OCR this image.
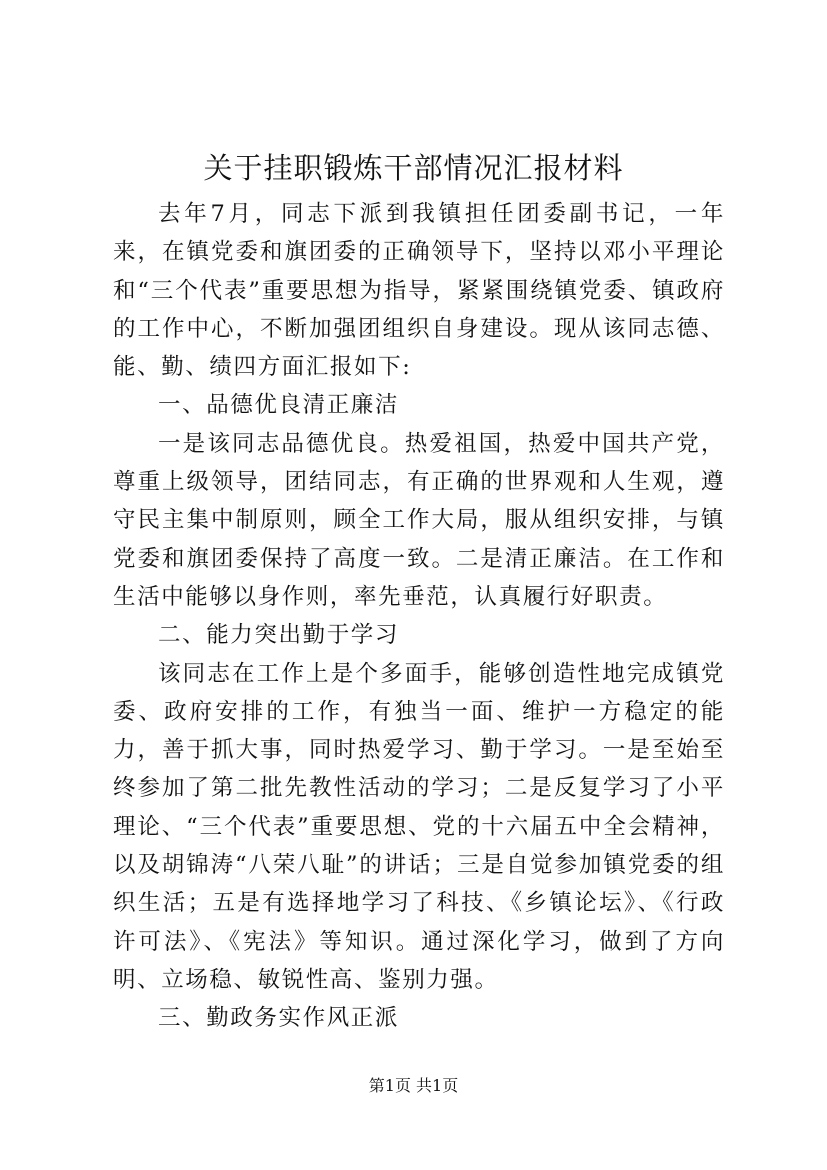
关于挂职锻炼干部情况汇报材料

去年7月，同志下派到我镇担任团委副书记，一年来，在镇党委和旗团委的正确领导下，坚持以邓小平理论和“三个代表”重要思想为指导，紧紧围绕镇党委、镇政府的工作中心，不断加强团组织自身建设。现从该同志德、能、勤、绩四方面汇报如下:

一、品德优良清正廉洁

一是该同志品德优良。热爱祖国，热爱中国共产党，尊重上级领导，团结同志，有正确的世界观和人生观，遵守民主集中制原则，顾全工作大局，服从组织安排，与镇党委和旗团委保持了高度一致。二是清正廉洁。在工作和生活中能够以身作则，率先垂范，认真履行好职责。

二、能力突出勤于学习

该同志在工作上是个多面手，能够创造性地完成镇党委、政府安排的工作，有独当一面、维护一方稳定的能力，善于抓大事，同时热爱学习、勤于学习。一是至始至终参加了第二批先教性活动的学习；二是反复学习了小平理论、“三个代表”重要思想、党的十六届五中全会精神，以及胡锦涛“八荣八耻”的讲话；三是自觉参加镇党委的组织生活；五是有选择地学习了科技、《乡镇论坛》、《行政许可法》、《宪法》等知识。通过深化学习，做到了方向明、立场稳、敏锐性高、鉴别力强。

三、勤政务实作风正派

第1页 共1页
